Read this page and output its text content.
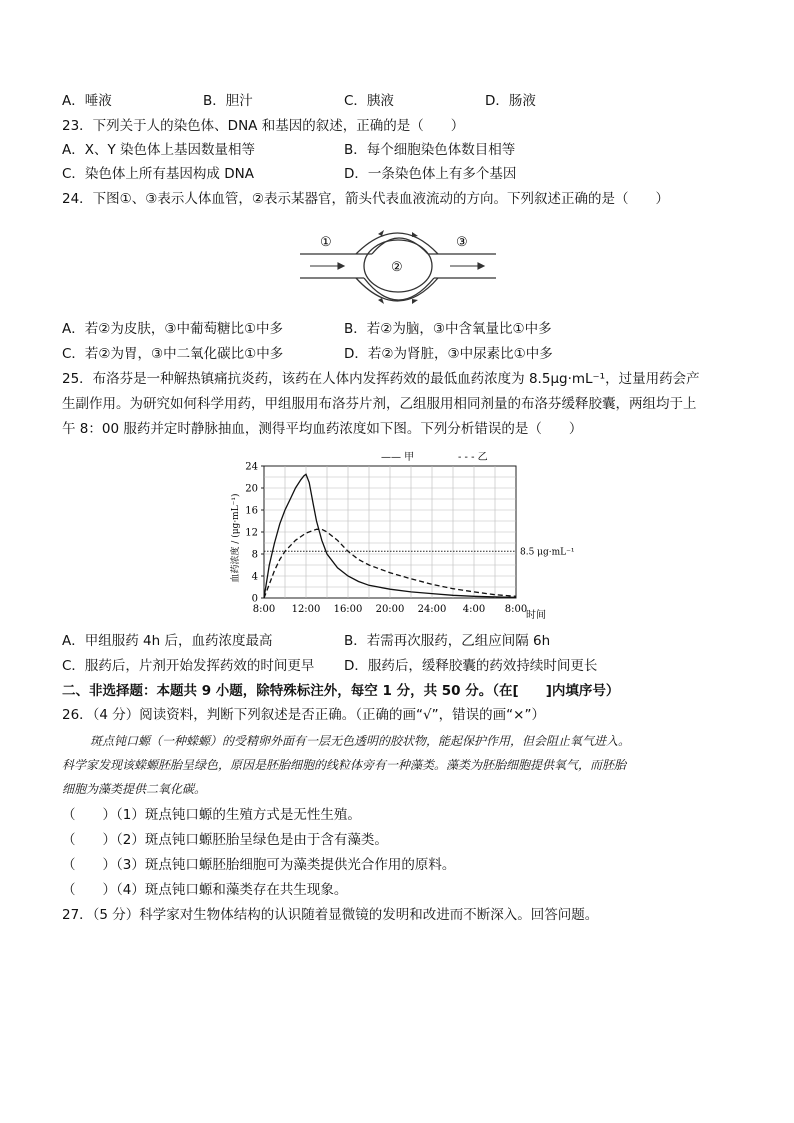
A．唾液	B．胆汁	C．胰液	D．肠液
23．下列关于人的染色体、DNA 和基因的叙述，正确的是（　　）
A．X、Y 染色体上基因数量相等	B．每个细胞染色体数目相等
C．染色体上所有基因构成 DNA	D．一条染色体上有多个基因
24．下图①、③表示人体血管，②表示某器官，箭头代表血液流动的方向。下列叙述正确的是（　　）
①
②
③
A．若②为皮肤，③中葡萄糖比①中多	B．若②为脑，③中含氧量比①中多
C．若②为胃，③中二氧化碳比①中多	D．若②为肾脏，③中尿素比①中多
25．布洛芬是一种解热镇痛抗炎药，该药在人体内发挥药效的最低血药浓度为 8.5μg·mL⁻¹，过量用药会产
生副作用。为研究如何科学用药，甲组服用布洛芬片剂，乙组服用相同剂量的布洛芬缓释胶囊，两组均于上
午 8：00 服药并定时静脉抽血，测得平均血药浓度如下图。下列分析错误的是（　　）
—— 甲	- - - 乙
血药浓度 / (μg·mL⁻¹)
时间
0
4
8
12
16
20
24
8:00 12:00 16:00 20:00 24:00 4:00 8:00
8.5 μg·mL⁻¹
A．甲组服药 4h 后，血药浓度最高	B．若需再次服药，乙组应间隔 6h
C．服药后，片剂开始发挥药效的时间更早 D．服药后，缓释胶囊的药效持续时间更长
二、非选择题：本题共 9 小题，除特殊标注外，每空 1 分，共 50 分。（在[　　]内填序号）
26．（4 分）阅读资料，判断下列叙述是否正确。（正确的画“√”，错误的画“×”）
斑点钝口螈（一种蝾螈）的受精卵外面有一层无色透明的胶状物，能起保护作用，但会阻止氧气进入。
科学家发现该蝾螈胚胎呈绿色，原因是胚胎细胞的线粒体旁有一种藻类。藻类为胚胎细胞提供氧气，而胚胎
细胞为藻类提供二氧化碳。
（　　）（1）斑点钝口螈的生殖方式是无性生殖。
（　　）（2）斑点钝口螈胚胎呈绿色是由于含有藻类。
（　　）（3）斑点钝口螈胚胎细胞可为藻类提供光合作用的原料。
（　　）（4）斑点钝口螈和藻类存在共生现象。
27．（5 分）科学家对生物体结构的认识随着显微镜的发明和改进而不断深入。回答问题。
